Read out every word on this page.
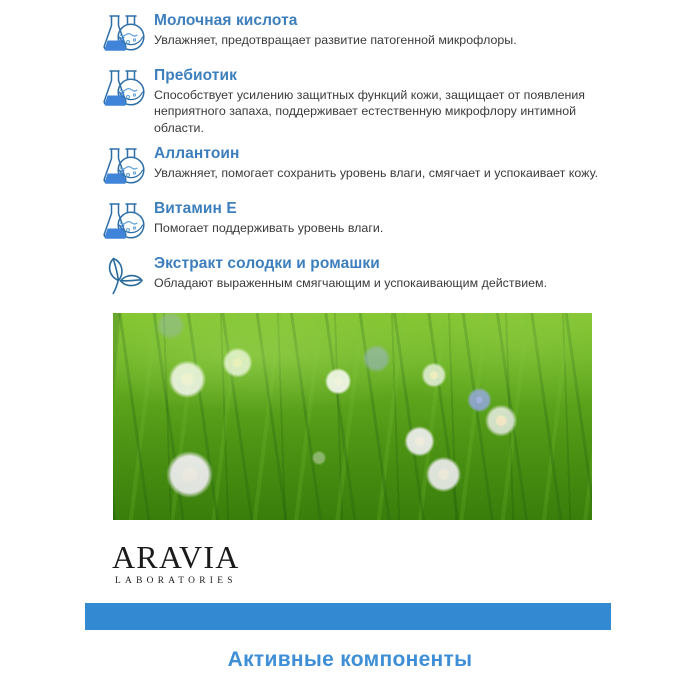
Молочная кислота

Увлажняет, предотвращает развитие патогенной микрофлоры.

Пребиотик

Способствует усилению защитных функций кожи, защищает от появления неприятного запаха, поддерживает естественную микрофлору интимной области.

Аллантоин

Увлажняет, помогает сохранить уровень влаги, смягчает и успокаивает кожу.

Витамин Е

Помогает поддерживать уровень влаги.

Экстракт солодки и ромашки

Обладают выраженным смягчающим и успокаивающим действием.

ARAVIA
LABORATORIES
Активные компоненты
